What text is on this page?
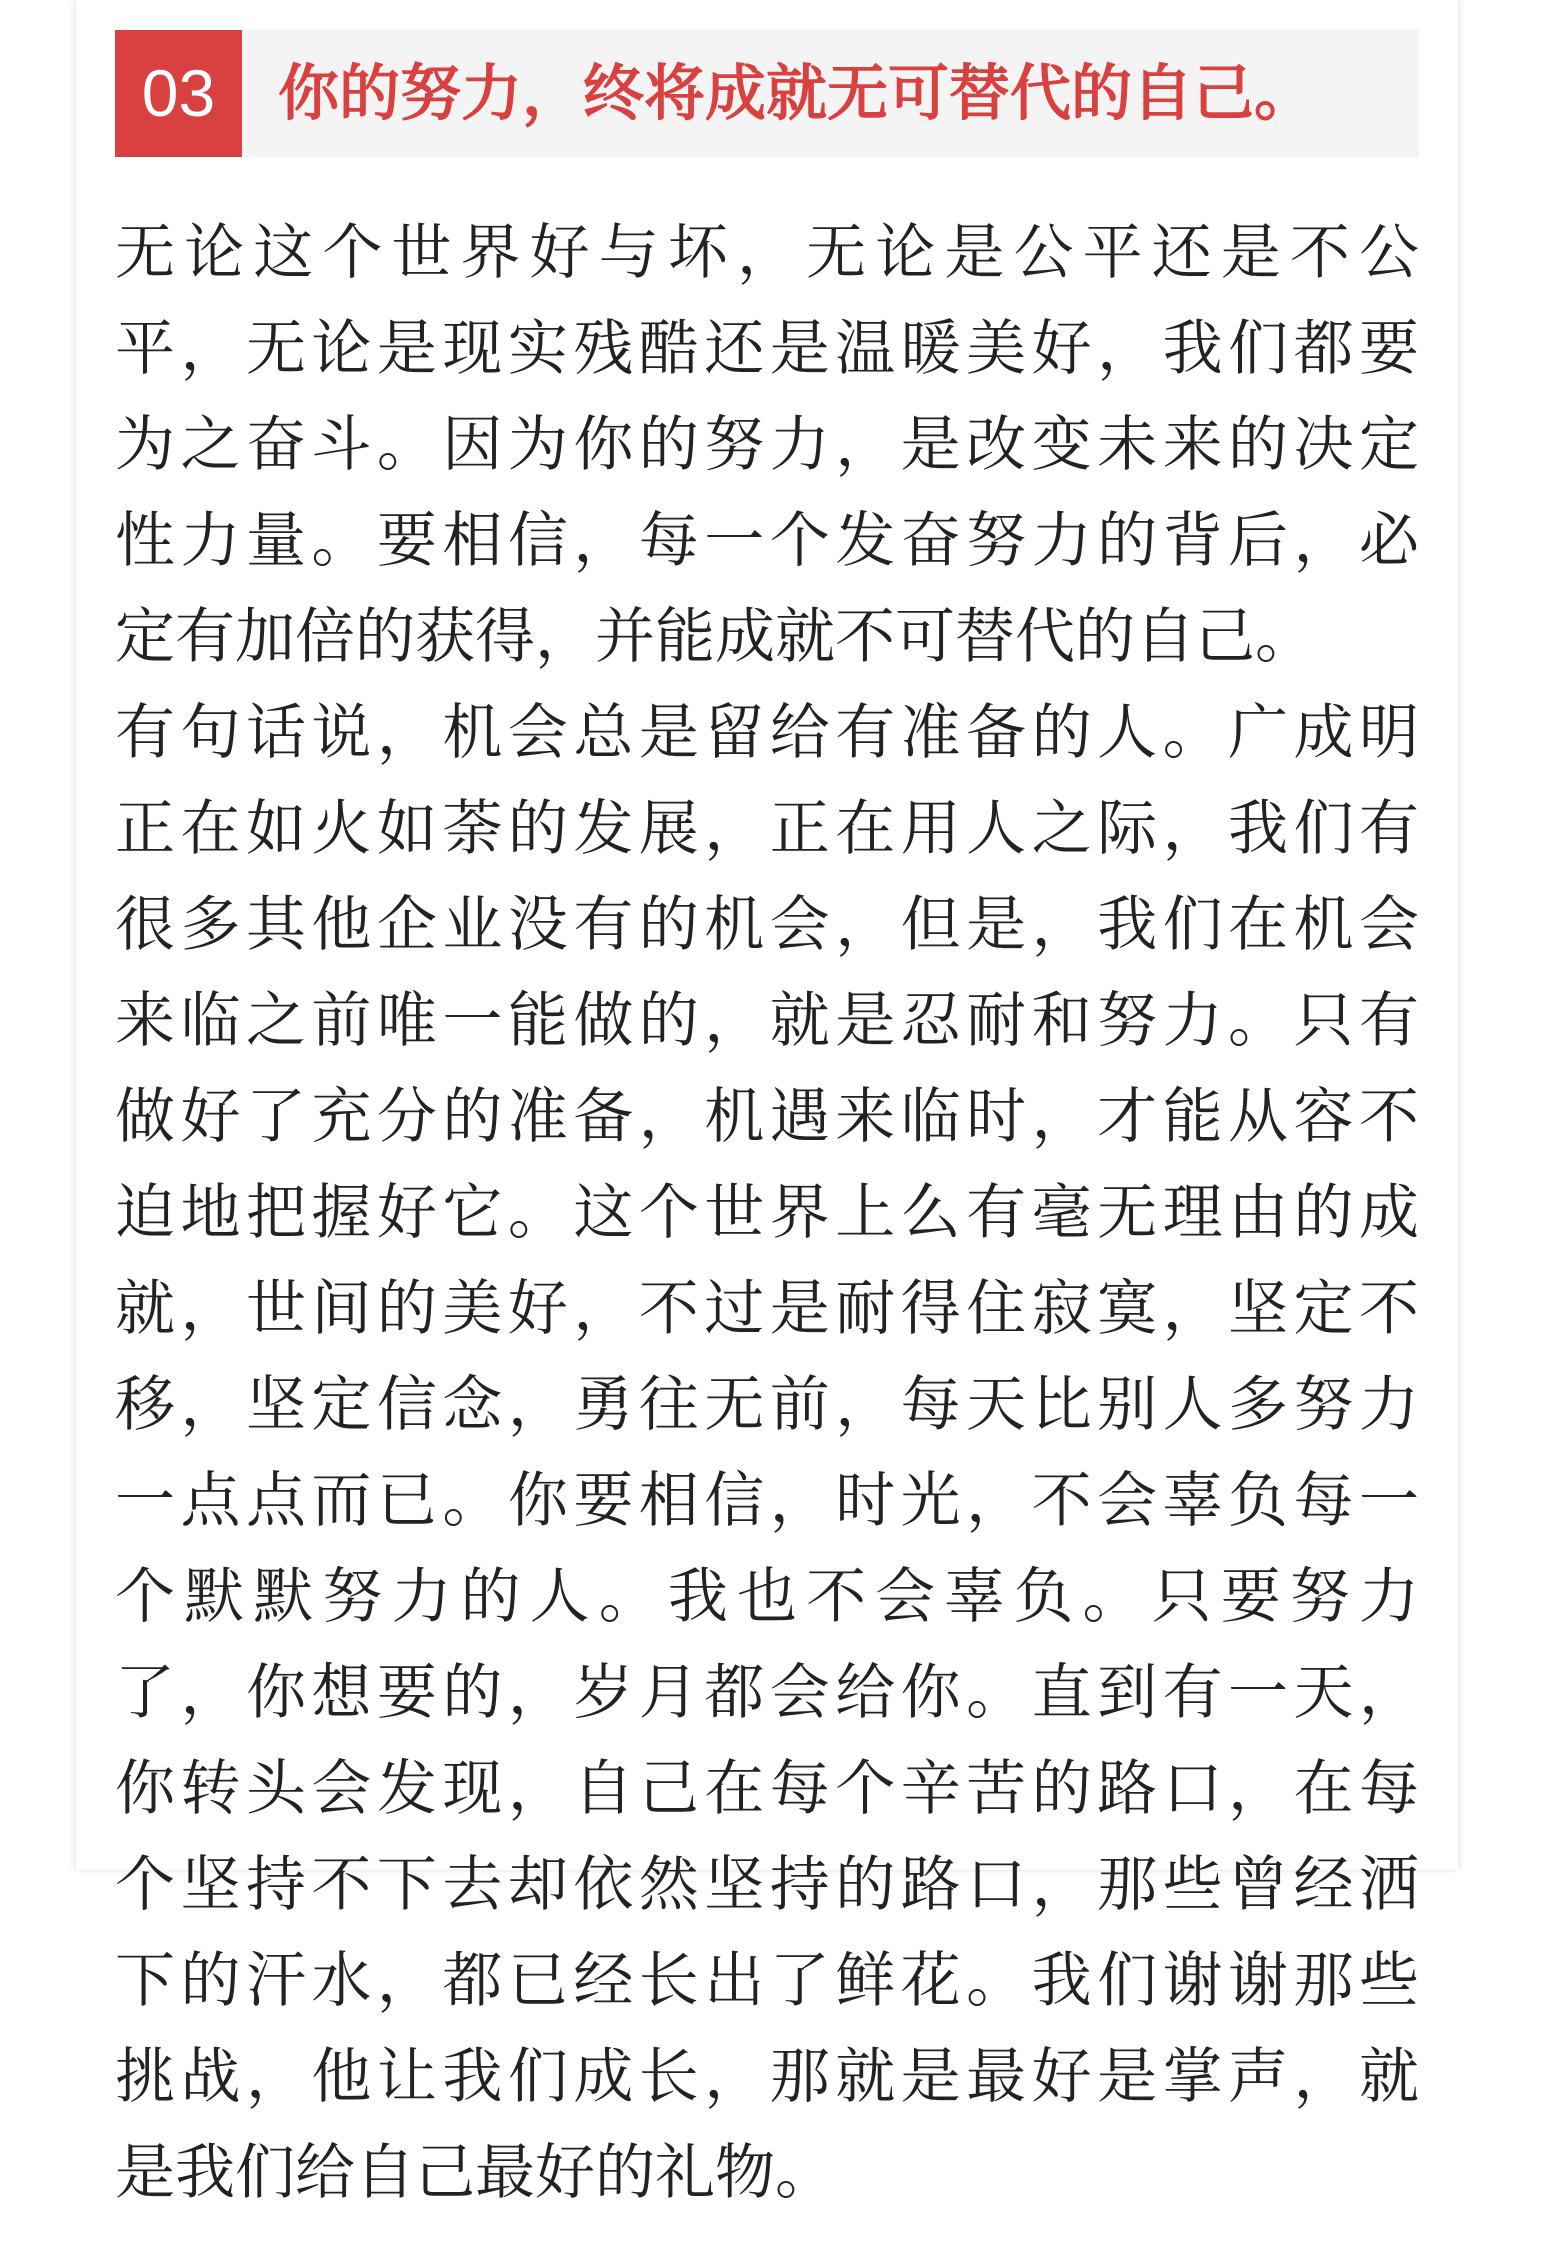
03	你的努力，终将成就无可替代的自己。
无论这个世界好与坏，无论是公平还是不公
平，无论是现实残酷还是温暖美好，我们都要
为之奋斗。因为你的努力，是改变未来的决定
性力量。要相信，每一个发奋努力的背后，必
定有加倍的获得，并能成就不可替代的自己。
有句话说，机会总是留给有准备的人。广成明
正在如火如荼的发展，正在用人之际，我们有
很多其他企业没有的机会，但是，我们在机会
来临之前唯一能做的，就是忍耐和努力。只有
做好了充分的准备，机遇来临时，才能从容不
迫地把握好它。这个世界上么有毫无理由的成
就，世间的美好，不过是耐得住寂寞，坚定不
移，坚定信念，勇往无前，每天比别人多努力
一点点而已。你要相信，时光，不会辜负每一
个默默努力的人。我也不会辜负。只要努力
了，你想要的，岁月都会给你。直到有一天，
你转头会发现，自己在每个辛苦的路口，在每
个坚持不下去却依然坚持的路口，那些曾经洒
下的汗水，都已经长出了鲜花。我们谢谢那些
挑战，他让我们成长，那就是最好是掌声，就
是我们给自己最好的礼物。
